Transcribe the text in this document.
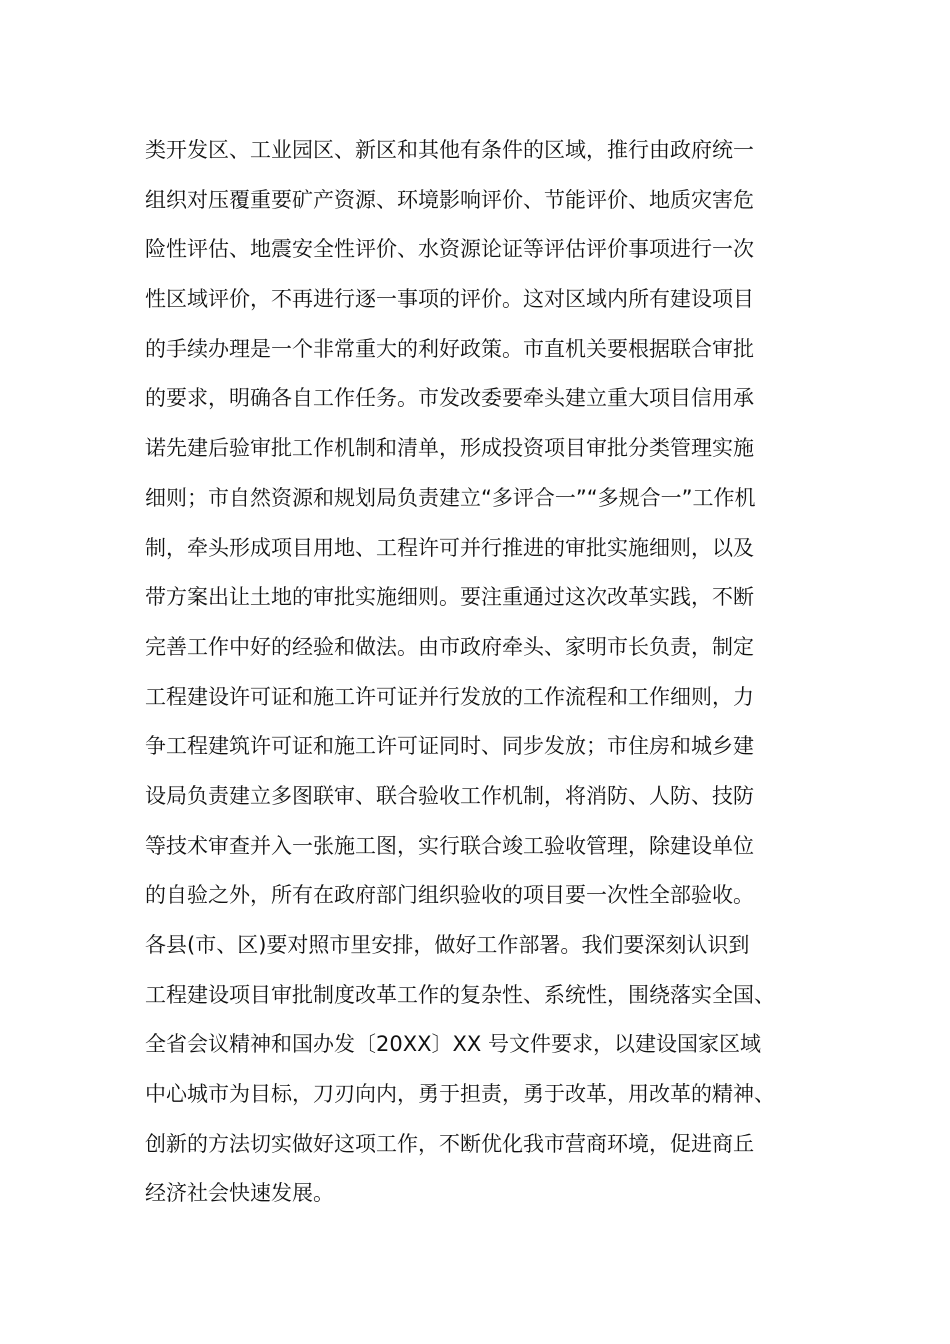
类开发区、工业园区、新区和其他有条件的区域，推行由政府统一
组织对压覆重要矿产资源、环境影响评价、节能评价、地质灾害危
险性评估、地震安全性评价、水资源论证等评估评价事项进行一次
性区域评价，不再进行逐一事项的评价。这对区域内所有建设项目
的手续办理是一个非常重大的利好政策。市直机关要根据联合审批
的要求，明确各自工作任务。市发改委要牵头建立重大项目信用承
诺先建后验审批工作机制和清单，形成投资项目审批分类管理实施
细则；市自然资源和规划局负责建立“多评合一”“多规合一”工作机
制，牵头形成项目用地、工程许可并行推进的审批实施细则，以及
带方案出让土地的审批实施细则。要注重通过这次改革实践，不断
完善工作中好的经验和做法。由市政府牵头、家明市长负责，制定
工程建设许可证和施工许可证并行发放的工作流程和工作细则，力
争工程建筑许可证和施工许可证同时、同步发放；市住房和城乡建
设局负责建立多图联审、联合验收工作机制，将消防、人防、技防
等技术审查并入一张施工图，实行联合竣工验收管理，除建设单位
的自验之外，所有在政府部门组织验收的项目要一次性全部验收。
各县(市、区)要对照市里安排，做好工作部署。我们要深刻认识到
工程建设项目审批制度改革工作的复杂性、系统性，围绕落实全国、
全省会议精神和国办发〔20XX〕XX 号文件要求，以建设国家区域
中心城市为目标，刀刃向内，勇于担责，勇于改革，用改革的精神、
创新的方法切实做好这项工作，不断优化我市营商环境，促进商丘
经济社会快速发展。
